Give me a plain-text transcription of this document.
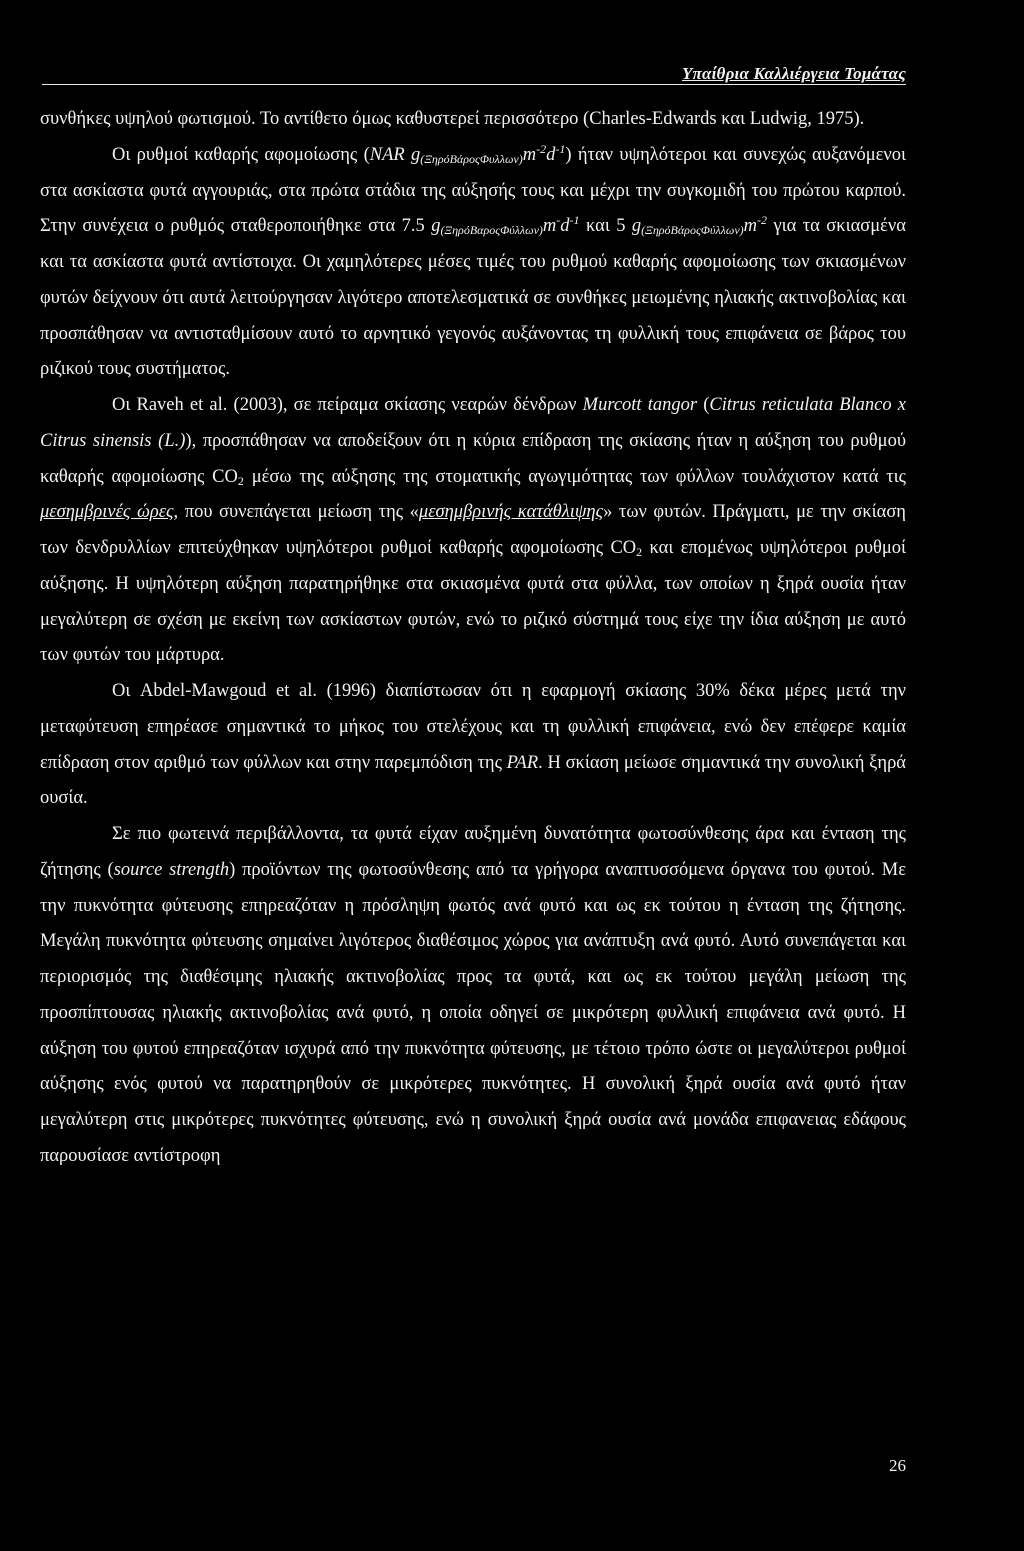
Υπαίθρια Καλλιέργεια Τομάτας

συνθήκες υψηλού φωτισμού. Το αντίθετο όμως καθυστερεί περισσότερο (Charles-Edwards και Ludwig, 1975).

Οι ρυθμοί καθαρής αφομοίωσης (NAR $g_{(\Xi\eta\rho όBά\rho o\varsigma\Phi\upsilon\lambda\lambda\omega\nu)}m^{-2}d^{-1}$) ήταν υψηλότεροι και συνεχώς αυξανόμενοι στα ασκίαστα φυτά αγγουριάς, στα πρώτα στάδια της αύξησής τους και μέχρι την συγκομιδή του πρώτου καρπού. Στην συνέχεια ο ρυθμός σταθεροποιήθηκε στα 7.5 $g_{(\Xi\eta\rho όB\alpha\rho o\varsigma\Phi ύ\lambda\lambda\omega\nu)}m^-d^{-1}$ και 5 $g_{(\Xi\eta\rho όBά\rho o\varsigma\Phi ύ\lambda\lambda\omega\nu)}m^{-2}$ για τα σκιασμένα και τα ασκίαστα φυτά αντίστοιχα. Οι χαμηλότερες μέσες τιμές του ρυθμού καθαρής αφομοίωσης των σκιασμένων φυτών δείχνουν ότι αυτά λειτούργησαν λιγότερο αποτελεσματικά σε συνθήκες μειωμένης ηλιακής ακτινοβολίας και προσπάθησαν να αντισταθμίσουν αυτό το αρνητικό γεγονός αυξάνοντας τη φυλλική τους επιφάνεια σε βάρος του ριζικού τους συστήματος.

Οι Raveh et al. (2003), σε πείραμα σκίασης νεαρών δένδρων Murcott tangor (Citrus reticulata Blanco x Citrus sinensis (L.)), προσπάθησαν να αποδείξουν ότι η κύρια επίδραση της σκίασης ήταν η αύξηση του ρυθμού καθαρής αφομοίωσης $CO_2$ μέσω της αύξησης της στοματικής αγωγιμότητας των φύλλων τουλάχιστον κατά τις μεσημβρινές ώρες, που συνεπάγεται μείωση της «μεσημβρινής κατάθλιψης» των φυτών. Πράγματι, με την σκίαση των δενδρυλλίων επιτεύχθηκαν υψηλότεροι ρυθμοί καθαρής αφομοίωσης $CO_2$ και επομένως υψηλότεροι ρυθμοί αύξησης. Η υψηλότερη αύξηση παρατηρήθηκε στα σκιασμένα φυτά στα φύλλα, των οποίων η ξηρά ουσία ήταν μεγαλύτερη σε σχέση με εκείνη των ασκίαστων φυτών, ενώ το ριζικό σύστημά τους είχε την ίδια αύξηση με αυτό των φυτών του μάρτυρα.

Οι Abdel-Mawgoud et al. (1996) διαπίστωσαν ότι η εφαρμογή σκίασης 30% δέκα μέρες μετά την μεταφύτευση επηρέασε σημαντικά το μήκος του στελέχους και τη φυλλική επιφάνεια, ενώ δεν επέφερε καμία επίδραση στον αριθμό των φύλλων και στην παρεμπόδιση της PAR. Η σκίαση μείωσε σημαντικά την συνολική ξηρά ουσία.

Σε πιο φωτεινά περιβάλλοντα, τα φυτά είχαν αυξημένη δυνατότητα φωτοσύνθεσης άρα και ένταση της ζήτησης (source strength) προϊόντων της φωτοσύνθεσης από τα γρήγορα αναπτυσσόμενα όργανα του φυτού. Με την πυκνότητα φύτευσης επηρεαζόταν η πρόσληψη φωτός ανά φυτό και ως εκ τούτου η ένταση της ζήτησης. Μεγάλη πυκνότητα φύτευσης σημαίνει λιγότερος διαθέσιμος χώρος για ανάπτυξη ανά φυτό. Αυτό συνεπάγεται και περιορισμός της διαθέσιμης ηλιακής ακτινοβολίας προς τα φυτά, και ως εκ τούτου μεγάλη μείωση της προσπίπτουσας ηλιακής ακτινοβολίας ανά φυτό, η οποία οδηγεί σε μικρότερη φυλλική επιφάνεια ανά φυτό. Η αύξηση του φυτού επηρεαζόταν ισχυρά από την πυκνότητα φύτευσης, με τέτοιο τρόπο ώστε οι μεγαλύτεροι ρυθμοί αύξησης ενός φυτού να παρατηρηθούν σε μικρότερες πυκνότητες. Η συνολική ξηρά ουσία ανά φυτό ήταν μεγαλύτερη στις μικρότερες πυκνότητες φύτευσης, ενώ η συνολική ξηρά ουσία ανά μονάδα επιφανειας εδάφους παρουσίασε αντίστροφη

26
